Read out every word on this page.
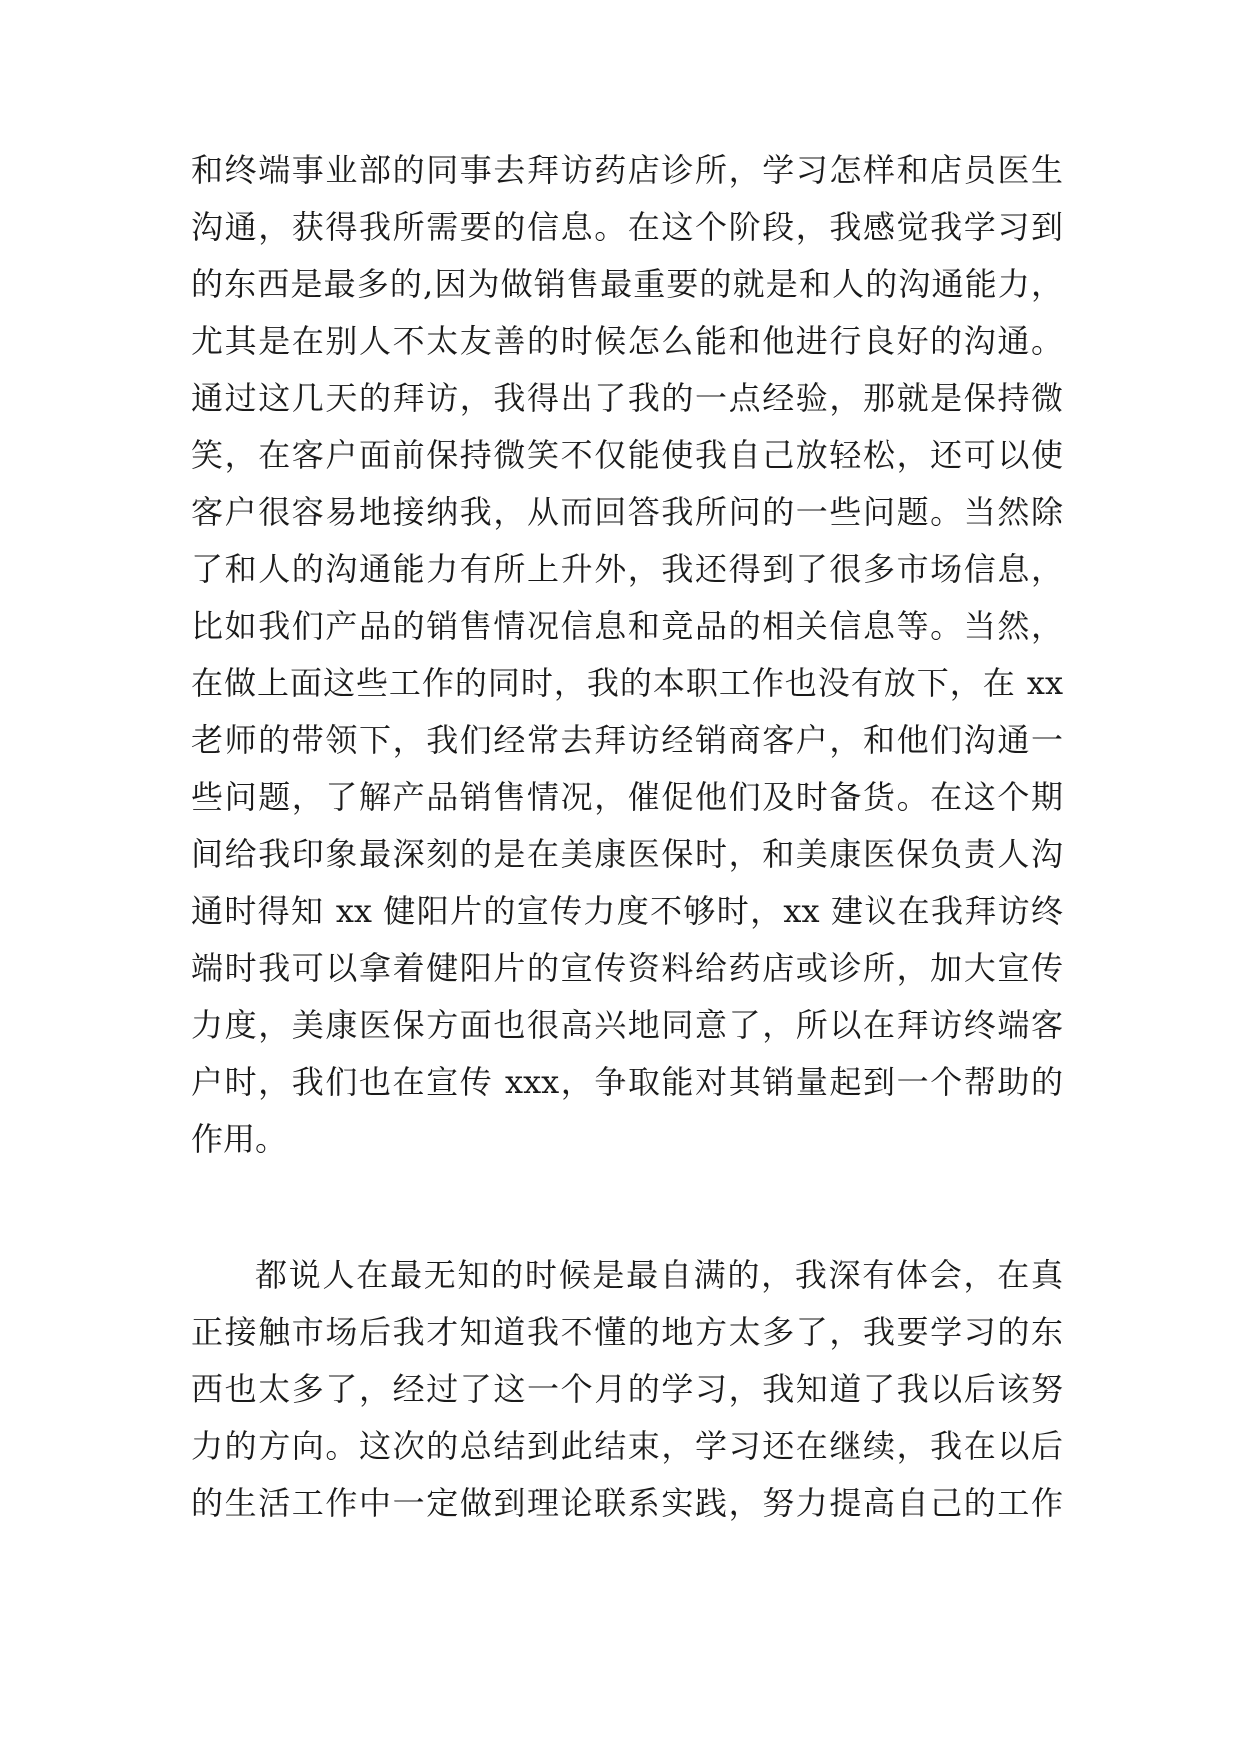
和终端事业部的同事去拜访药店诊所，学习怎样和店员医生
沟通，获得我所需要的信息。在这个阶段，我感觉我学习到
的东西是最多的,因为做销售最重要的就是和人的沟通能力，
尤其是在别人不太友善的时候怎么能和他进行良好的沟通。
通过这几天的拜访，我得出了我的一点经验，那就是保持微
笑，在客户面前保持微笑不仅能使我自己放轻松，还可以使
客户很容易地接纳我，从而回答我所问的一些问题。当然除
了和人的沟通能力有所上升外，我还得到了很多市场信息，
比如我们产品的销售情况信息和竞品的相关信息等。当然，
在做上面这些工作的同时，我的本职工作也没有放下，在 xx
老师的带领下，我们经常去拜访经销商客户，和他们沟通一
些问题，了解产品销售情况，催促他们及时备货。在这个期
间给我印象最深刻的是在美康医保时，和美康医保负责人沟
通时得知 xx 健阳片的宣传力度不够时，xx 建议在我拜访终
端时我可以拿着健阳片的宣传资料给药店或诊所，加大宣传
力度，美康医保方面也很高兴地同意了，所以在拜访终端客
户时，我们也在宣传 xxx，争取能对其销量起到一个帮助的
作用。
都说人在最无知的时候是最自满的，我深有体会，在真
正接触市场后我才知道我不懂的地方太多了，我要学习的东
西也太多了，经过了这一个月的学习，我知道了我以后该努
力的方向。这次的总结到此结束，学习还在继续，我在以后
的生活工作中一定做到理论联系实践，努力提高自己的工作
